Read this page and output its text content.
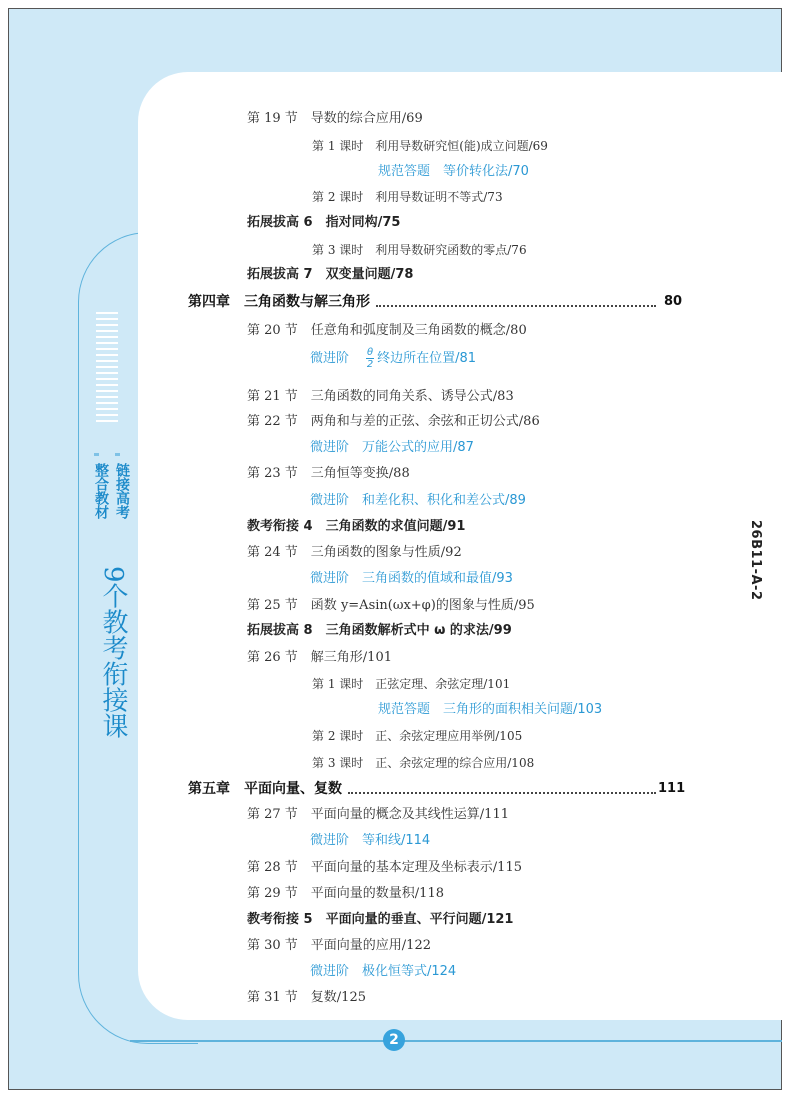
链接高考
整合教材
9个教考衔接课
2
26B11-A-2
第 19 节　导数的综合应用/69
第 1 课时　利用导数研究恒(能)成立问题/69
规范答题　等价转化法/70
第 2 课时　利用导数证明不等式/73
拓展拔高 6　指对同构/75
第 3 课时　利用导数研究函数的零点/76
拓展拔高 7　双变量问题/78
第四章　三角函数与解三角形	80
第 20 节　任意角和弧度制及三角函数的概念/80
微进阶　 $\frac{\theta}{2}$ 终边所在位置/81
第 21 节　三角函数的同角关系、诱导公式/83
第 22 节　两角和与差的正弦、余弦和正切公式/86
微进阶　万能公式的应用/87
第 23 节　三角恒等变换/88
微进阶　和差化积、积化和差公式/89
教考衔接 4　三角函数的求值问题/91
第 24 节　三角函数的图象与性质/92
微进阶　三角函数的值域和最值/93
第 25 节　函数 y=Asin(ωx+φ)的图象与性质/95
拓展拔高 8　三角函数解析式中 ω 的求法/99
第 26 节　解三角形/101
第 1 课时　正弦定理、余弦定理/101
规范答题　三角形的面积相关问题/103
第 2 课时　正、余弦定理应用举例/105
第 3 课时　正、余弦定理的综合应用/108
第五章　平面向量、复数	111
第 27 节　平面向量的概念及其线性运算/111
微进阶　等和线/114
第 28 节　平面向量的基本定理及坐标表示/115
第 29 节　平面向量的数量积/118
教考衔接 5　平面向量的垂直、平行问题/121
第 30 节　平面向量的应用/122
微进阶　极化恒等式/124
第 31 节　复数/125
